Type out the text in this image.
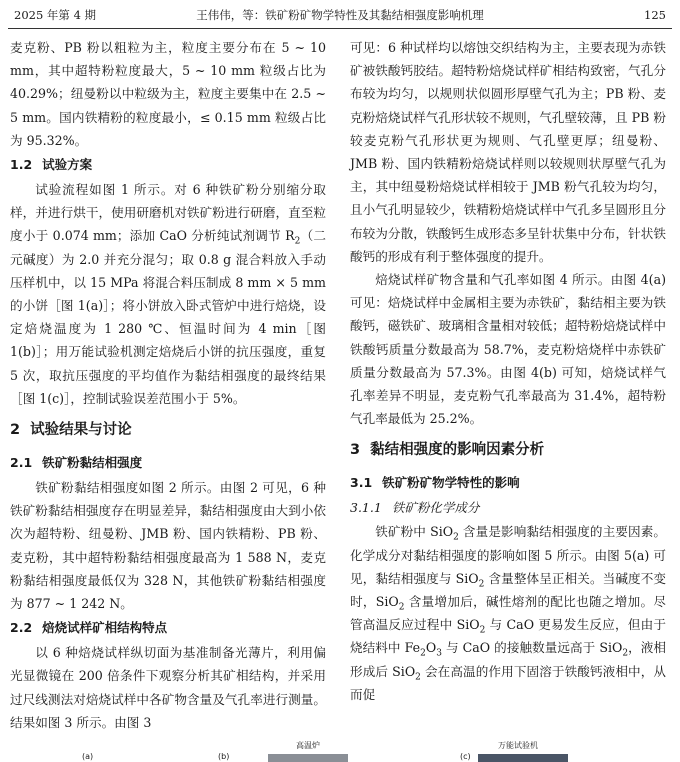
2025 年第 4 期	王伟伟，等：铁矿粉矿物学特性及其黏结相强度影响机理	125

麦克粉、PB 粉以粗粒为主，粒度主要分布在 5 ~ 10 mm，其中超特粉粒度最大，5 ~ 10 mm 粒级占比为 40.29%；纽曼粉以中粒级为主，粒度主要集中在 2.5 ~ 5 mm。国内铁精粉的粒度最小，≤ 0.15 mm 粒级占比为 95.32%。

1.2 试验方案

试验流程如图 1 所示。对 6 种铁矿粉分别缩分取样，并进行烘干，使用研磨机对铁矿粉进行研磨，直至粒度小于 0.074 mm；添加 CaO 分析纯试剂调节 $R_2$（二元碱度）为 2.0 并充分混匀；取 0.8 g 混合料放入手动压样机中，以 15 MPa 将混合料压制成 8 mm × 5 mm 的小饼［图 1(a)］；将小饼放入卧式管炉中进行焙烧，设定焙烧温度为 1 280 ℃、恒温时间为 4 min［图 1(b)］；用万能试验机测定焙烧后小饼的抗压强度，重复 5 次，取抗压强度的平均值作为黏结相强度的最终结果［图 1(c)］，控制试验误差范围小于 5%。

2 试验结果与讨论
2.1 铁矿粉黏结相强度

铁矿粉黏结相强度如图 2 所示。由图 2 可见，6 种铁矿粉黏结相强度存在明显差异，黏结相强度由大到小依次为超特粉、纽曼粉、JMB 粉、国内铁精粉、PB 粉、麦克粉，其中超特粉黏结相强度最高为 1 588 N，麦克粉黏结相强度最低仅为 328 N，其他铁矿粉黏结相强度为 877 ~ 1 242 N。

2.2 焙烧试样矿相结构特点

以 6 种焙烧试样纵切面为基准制备光薄片，利用偏光显微镜在 200 倍条件下观察分析其矿相结构，并采用过尺线测法对焙烧试样中各矿物含量及气孔率进行测量。结果如图 3 所示。由图 3

可见：6 种试样均以熔蚀交织结构为主，主要表现为赤铁矿被铁酸钙胶结。超特粉焙烧试样矿相结构致密，气孔分布较为均匀，以规则状似圆形厚壁气孔为主；PB 粉、麦克粉焙烧试样气孔形状较不规则，气孔壁较薄，且 PB 粉较麦克粉气孔形状更为规则、气孔壁更厚；纽曼粉、JMB 粉、国内铁精粉焙烧试样则以较规则状厚壁气孔为主，其中纽曼粉焙烧试样相较于 JMB 粉气孔较为均匀，且小气孔明显较少，铁精粉焙烧试样中气孔多呈圆形且分布较为分散，铁酸钙生成形态多呈针状集中分布，针状铁酸钙的形成有利于整体强度的提升。

焙烧试样矿物含量和气孔率如图 4 所示。由图 4(a) 可见：焙烧试样中金属相主要为赤铁矿，黏结相主要为铁酸钙，磁铁矿、玻璃相含量相对较低；超特粉焙烧试样中铁酸钙质量分数最高为 58.7%，麦克粉焙烧样中赤铁矿质量分数最高为 57.3%。由图 4(b) 可知，焙烧试样气孔率差异不明显，麦克粉气孔率最高为 31.4%，超特粉气孔率最低为 25.2%。

3 黏结相强度的影响因素分析
3.1 铁矿粉矿物学特性的影响
3.1.1 铁矿粉化学成分

铁矿粉中 SiO$_2$ 含量是影响黏结相强度的主要因素。化学成分对黏结相强度的影响如图 5 所示。由图 5(a) 可见，黏结相强度与 SiO$_2$ 含量整体呈正相关。当碱度不变时，SiO$_2$ 含量增加后，碱性熔剂的配比也随之增加。尽管高温反应过程中 SiO$_2$ 与 CaO 更易发生反应，但由于烧结料中 $Fe_2O_3$ 与 CaO 的接触数量远高于 SiO$_2$，液相形成后 SiO$_2$ 会在高温的作用下固溶于铁酸钙液相中，从而促

(a)	(b)
高温炉
(c)
万能试验机
